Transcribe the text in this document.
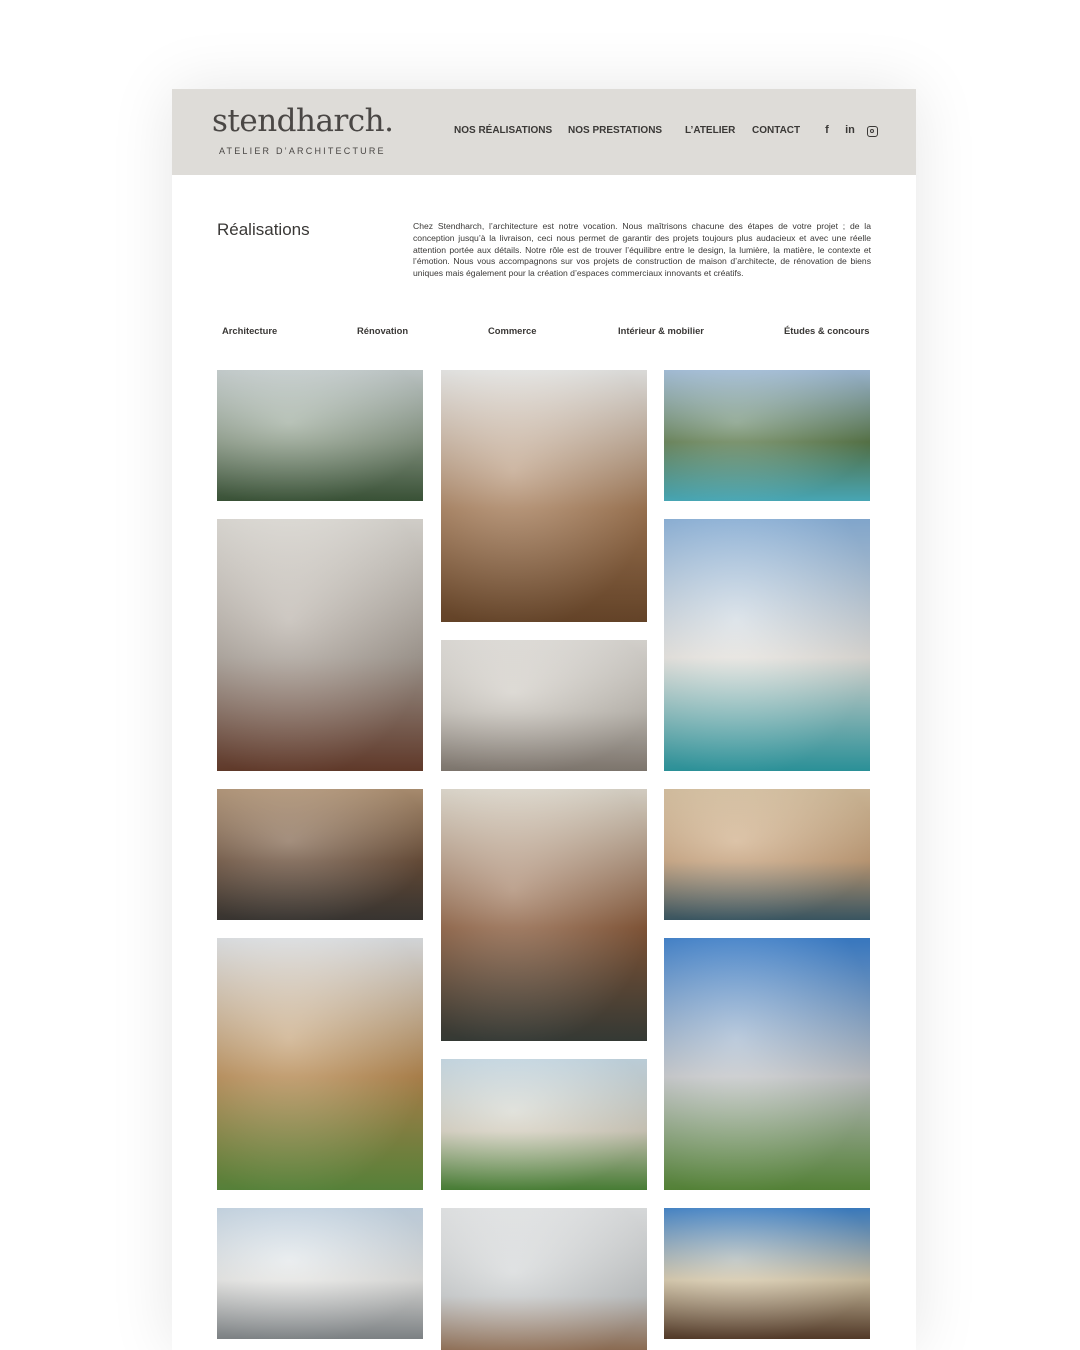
stendharch.
ATELIER D’ARCHITECTURE
NOS RÉALISATIONS NOS PRESTATIONS L’ATELIER CONTACT	f	in
Réalisations	Chez Stendharch, l’architecture est notre vocation. Nous maîtrisons chacune des étapes de votre projet ; de la conception jusqu’à la livraison, ceci nous permet de garantir des projets toujours plus audacieux et avec une réelle attention portée aux détails. Notre rôle est de trouver l’équilibre entre le design, la lumière, la matière, le contexte et l’émotion. Nous vous accompagnons sur vos projets de construction de maison d’architecte, de rénovation de biens uniques mais également pour la création d’espaces commerciaux innovants et créatifs.
Architecture	Rénovation	Commerce	Intérieur & mobilier	Études & concours
